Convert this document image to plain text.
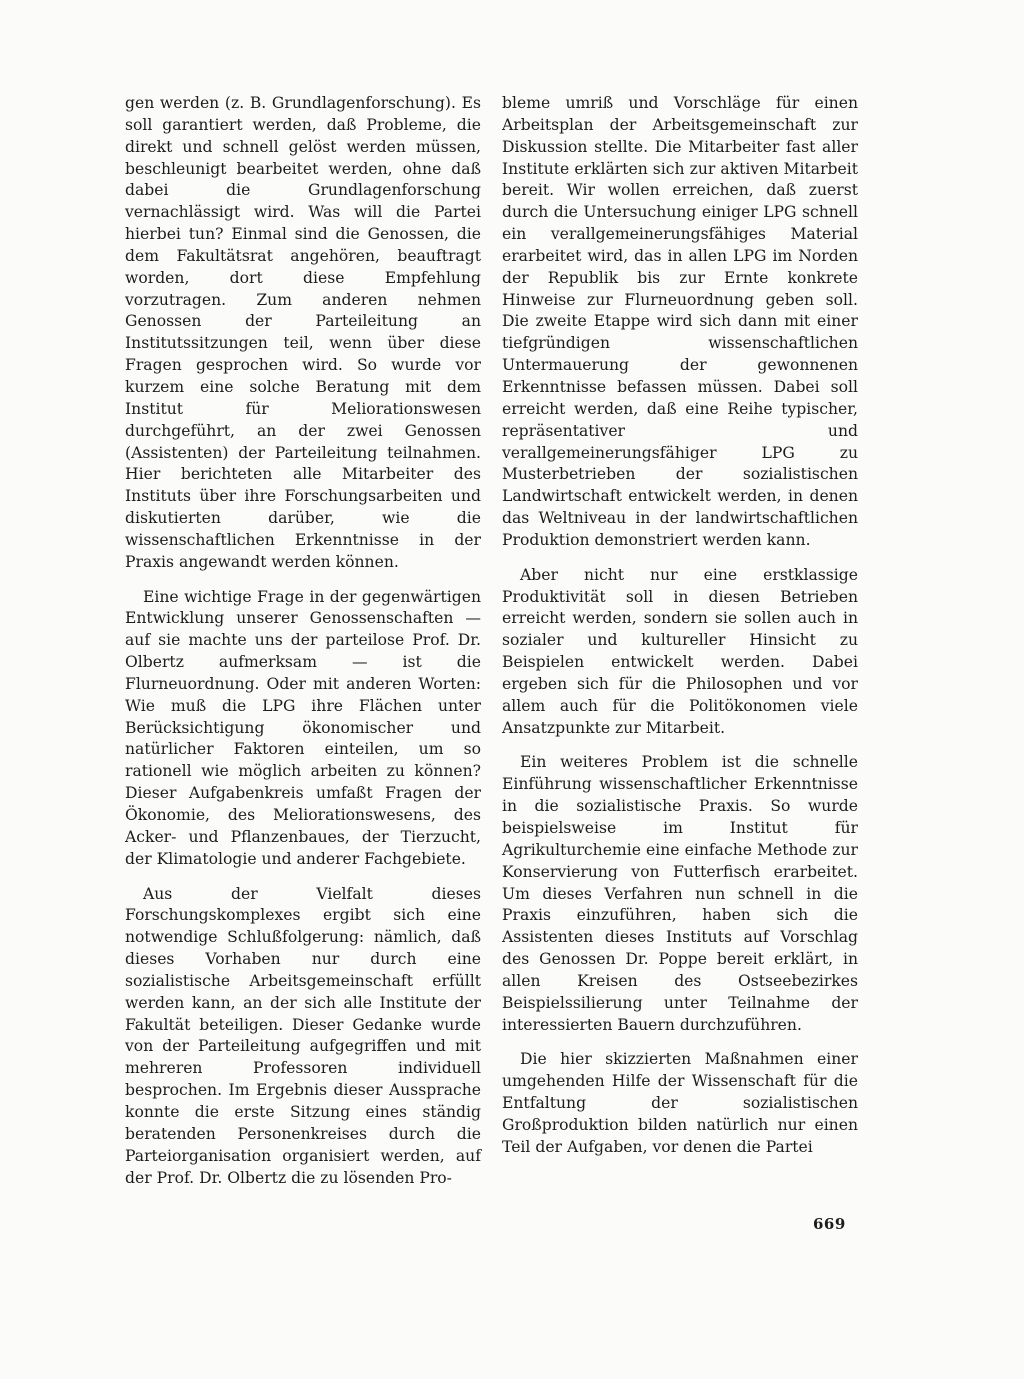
gen werden (z. B. Grundlagenforschung). Es soll garantiert werden, daß Probleme, die direkt und schnell gelöst werden müssen, beschleunigt bearbeitet werden, ohne daß dabei die Grundlagenforschung vernachlässigt wird. Was will die Partei hierbei tun? Einmal sind die Genossen, die dem Fakultätsrat angehören, beauftragt worden, dort diese Empfehlung vorzutragen. Zum anderen nehmen Genossen der Parteileitung an Institutssitzungen teil, wenn über diese Fragen gesprochen wird. So wurde vor kurzem eine solche Beratung mit dem Institut für Meliorationswesen durchgeführt, an der zwei Genossen (Assistenten) der Parteileitung teilnahmen. Hier berichteten alle Mitarbeiter des Instituts über ihre Forschungsarbeiten und diskutierten darüber, wie die wissenschaftlichen Erkenntnisse in der Praxis angewandt werden können.

Eine wichtige Frage in der gegenwärtigen Entwicklung unserer Genossenschaften — auf sie machte uns der parteilose Prof. Dr. Olbertz aufmerksam — ist die Flurneuordnung. Oder mit anderen Worten: Wie muß die LPG ihre Flächen unter Berücksichtigung ökonomischer und natürlicher Faktoren einteilen, um so rationell wie möglich arbeiten zu können? Dieser Aufgabenkreis umfaßt Fragen der Ökonomie, des Meliorationswesens, des Acker- und Pflanzenbaues, der Tierzucht, der Klimatologie und anderer Fachgebiete.

Aus der Vielfalt dieses Forschungskomplexes ergibt sich eine notwendige Schlußfolgerung: nämlich, daß dieses Vorhaben nur durch eine sozialistische Arbeitsgemeinschaft erfüllt werden kann, an der sich alle Institute der Fakultät beteiligen. Dieser Gedanke wurde von der Parteileitung aufgegriffen und mit mehreren Professoren individuell besprochen. Im Ergebnis dieser Aussprache konnte die erste Sitzung eines ständig beratenden Personenkreises durch die Parteiorganisation organisiert werden, auf der Prof. Dr. Olbertz die zu lösenden Pro-

bleme umriß und Vorschläge für einen Arbeitsplan der Arbeitsgemeinschaft zur Diskussion stellte. Die Mitarbeiter fast aller Institute erklärten sich zur aktiven Mitarbeit bereit. Wir wollen erreichen, daß zuerst durch die Untersuchung einiger LPG schnell ein verallgemeinerungsfähiges Material erarbeitet wird, das in allen LPG im Norden der Republik bis zur Ernte konkrete Hinweise zur Flurneuordnung geben soll. Die zweite Etappe wird sich dann mit einer tiefgründigen wissenschaftlichen Untermauerung der gewonnenen Erkenntnisse befassen müssen. Dabei soll erreicht werden, daß eine Reihe typischer, repräsentativer und verallgemeinerungsfähiger LPG zu Musterbetrieben der sozialistischen Landwirtschaft entwickelt werden, in denen das Weltniveau in der landwirtschaftlichen Produktion demonstriert werden kann.

Aber nicht nur eine erstklassige Produktivität soll in diesen Betrieben erreicht werden, sondern sie sollen auch in sozialer und kultureller Hinsicht zu Beispielen entwickelt werden. Dabei ergeben sich für die Philosophen und vor allem auch für die Politökonomen viele Ansatzpunkte zur Mitarbeit.

Ein weiteres Problem ist die schnelle Einführung wissenschaftlicher Erkenntnisse in die sozialistische Praxis. So wurde beispielsweise im Institut für Agrikulturchemie eine einfache Methode zur Konservierung von Futterfisch erarbeitet. Um dieses Verfahren nun schnell in die Praxis einzuführen, haben sich die Assistenten dieses Instituts auf Vorschlag des Genossen Dr. Poppe bereit erklärt, in allen Kreisen des Ostseebezirkes Beispielssilierung unter Teilnahme der interessierten Bauern durchzuführen.

Die hier skizzierten Maßnahmen einer umgehenden Hilfe der Wissenschaft für die Entfaltung der sozialistischen Großproduktion bilden natürlich nur einen Teil der Aufgaben, vor denen die Partei

669
